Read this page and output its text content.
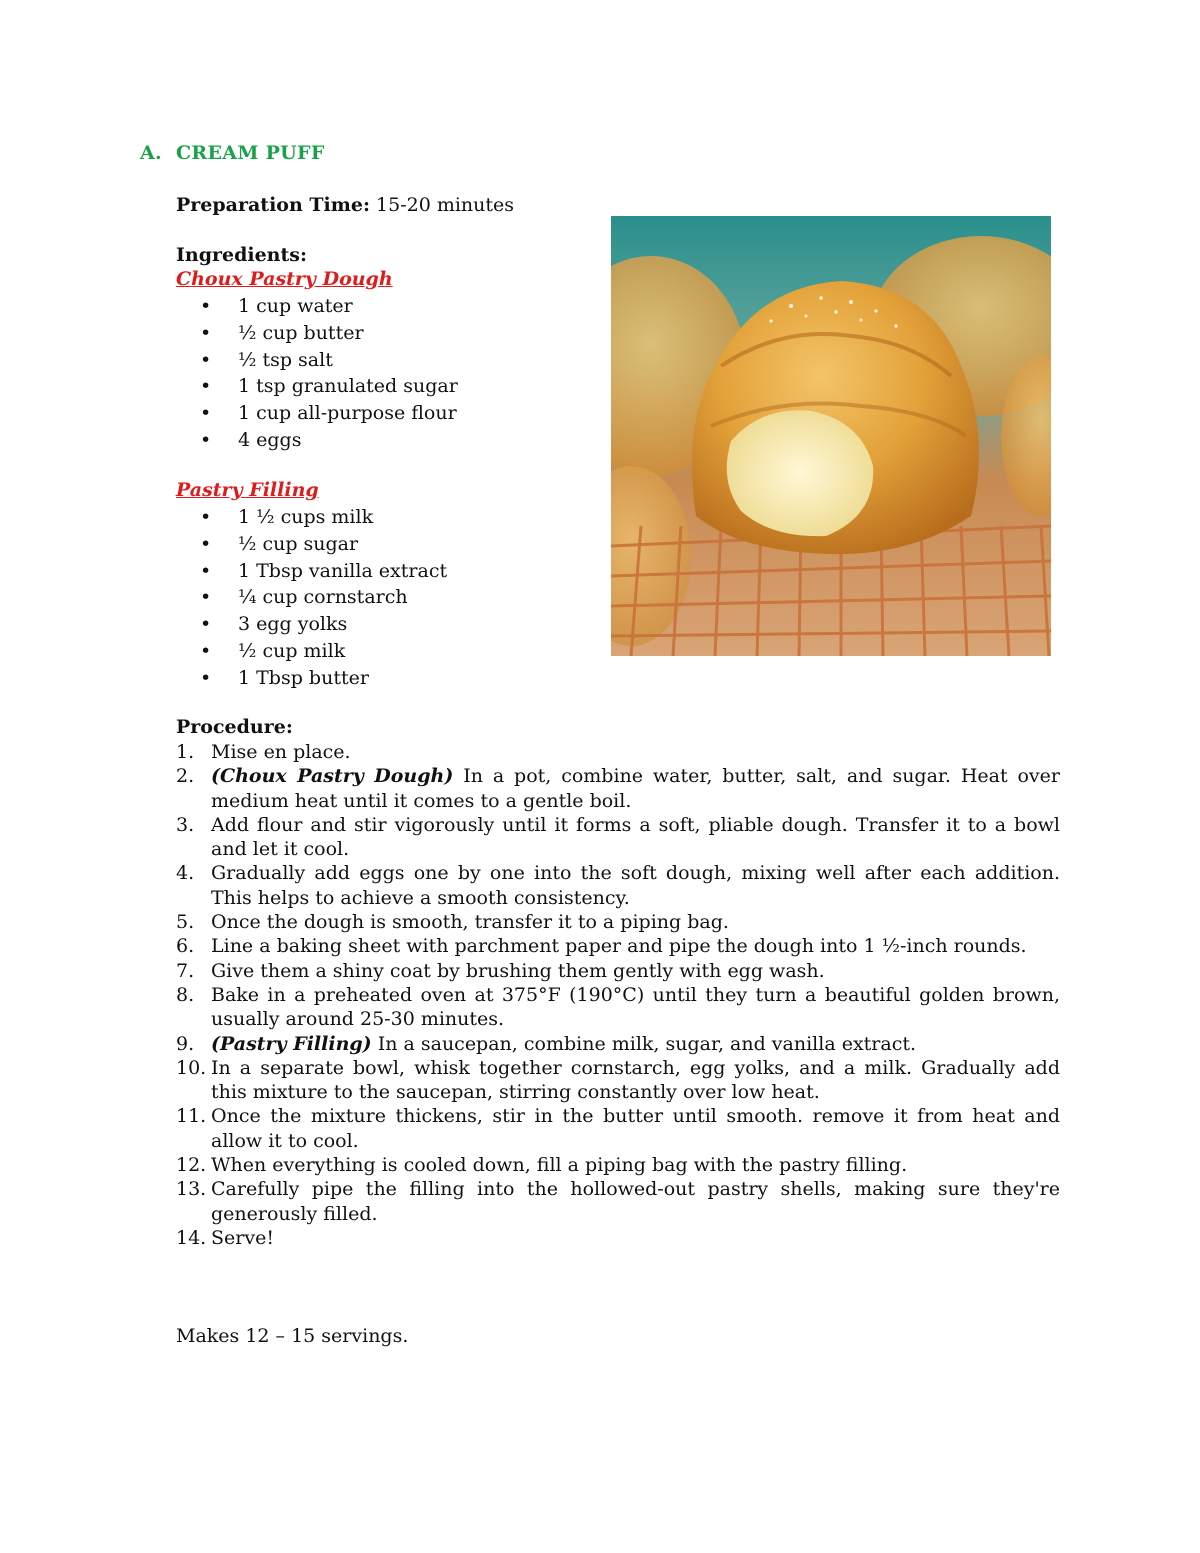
A. CREAM PUFF
Preparation Time: 15-20 minutes
Ingredients:
Choux Pastry Dough
• 1 cup water
• ½ cup butter
• ½ tsp salt
• 1 tsp granulated sugar
• 1 cup all-purpose flour
• 4 eggs
Pastry Filling
• 1 ½ cups milk
• ½ cup sugar
• 1 Tbsp vanilla extract
• ¼ cup cornstarch
• 3 egg yolks
• ½ cup milk
• 1 Tbsp butter
Procedure:
1. Mise en place.
2. (Choux Pastry Dough) In a pot, combine water, butter, salt, and sugar. Heat over medium heat until it comes to a gentle boil.
3. Add flour and stir vigorously until it forms a soft, pliable dough. Transfer it to a bowl and let it cool.
4. Gradually add eggs one by one into the soft dough, mixing well after each addition. This helps to achieve a smooth consistency.
5. Once the dough is smooth, transfer it to a piping bag.
6. Line a baking sheet with parchment paper and pipe the dough into 1 ½-inch rounds.
7. Give them a shiny coat by brushing them gently with egg wash.
8. Bake in a preheated oven at 375°F (190°C) until they turn a beautiful golden brown, usually around 25-30 minutes.
9. (Pastry Filling) In a saucepan, combine milk, sugar, and vanilla extract.
10. In a separate bowl, whisk together cornstarch, egg yolks, and a milk. Gradually add this mixture to the saucepan, stirring constantly over low heat.
11. Once the mixture thickens, stir in the butter until smooth. remove it from heat and allow it to cool.
12. When everything is cooled down, fill a piping bag with the pastry filling.
13. Carefully pipe the filling into the hollowed-out pastry shells, making sure they're generously filled.
14. Serve!
Makes 12 – 15 servings.
